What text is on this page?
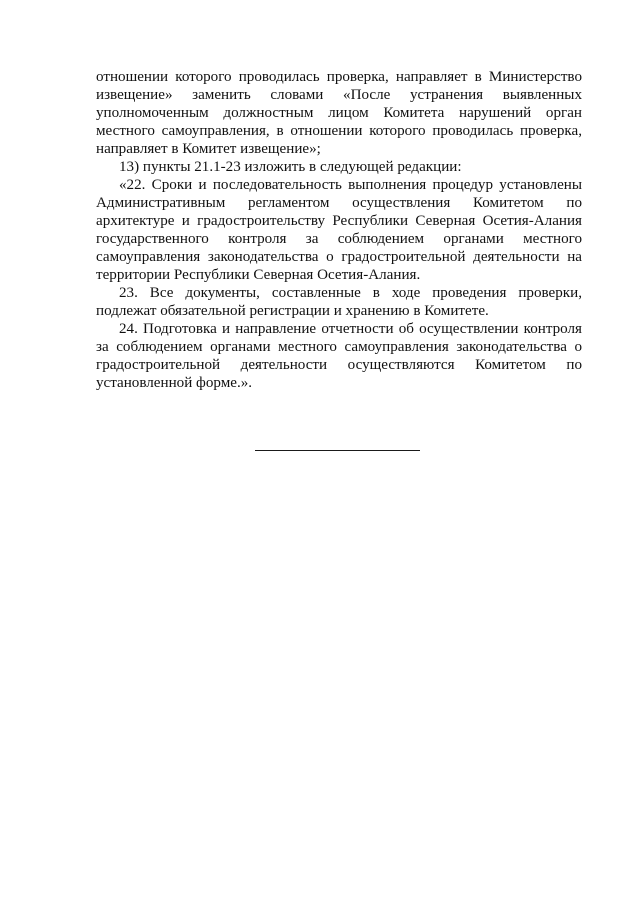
отношении которого проводилась проверка, направляет в Министерство извещение» заменить словами «После устранения выявленных уполномоченным должностным лицом Комитета нарушений орган местного самоуправления, в отношении которого проводилась проверка, направляет в Комитет извещение»;

13) пункты 21.1-23 изложить в следующей редакции:

«22. Сроки и последовательность выполнения процедур установлены Административным регламентом осуществления Комитетом по архитектуре и градостроительству Республики Северная Осетия-Алания государственного контроля за соблюдением органами местного самоуправления законодательства о градостроительной деятельности на территории Республики Северная Осетия-Алания.

23. Все документы, составленные в ходе проведения проверки, подлежат обязательной регистрации и хранению в Комитете.

24. Подготовка и направление отчетности об осуществлении контроля за соблюдением органами местного самоуправления законодательства о градостроительной деятельности осуществляются Комитетом по установленной форме.».
